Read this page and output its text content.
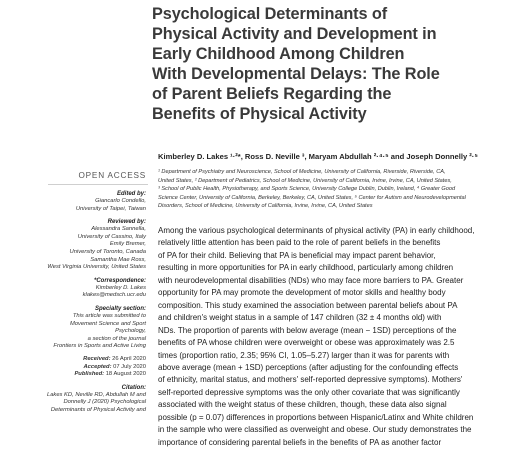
Psychological Determinants of
Physical Activity and Development in
Early Childhood Among Children
With Developmental Delays: The Role
of Parent Beliefs Regarding the
Benefits of Physical Activity
Kimberley D. Lakes ¹·²*, Ross D. Neville ³, Maryam Abdullah ²·⁴·⁵ and Joseph Donnelly ²·⁵
¹ Department of Psychiatry and Neuroscience, School of Medicine, University of California, Riverside, Riverside, CA,
United States, ² Department of Pediatrics, School of Medicine, University of California, Irvine, Irvine, CA, United States,
³ School of Public Health, Physiotherapy, and Sports Science, University College Dublin, Dublin, Ireland, ⁴ Greater Good
Science Center, University of California, Berkeley, Berkeley, CA, United States, ⁵ Center for Autism and Neurodevelopmental
Disorders, School of Medicine, University of California, Irvine, Irvine, CA, United States
OPEN ACCESS
Edited by:
Giancarlo Condello,
University of Taipei, Taiwan
Reviewed by:
Alessandra Sannella,
University of Cassino, Italy
Emily Bremer,
University of Toronto, Canada
Samantha Mae Ross,
West Virginia University, United States
*Correspondence:
Kimberley D. Lakes
klakes@medsch.ucr.edu
Specialty section:
This article was submitted to
Movement Science and Sport
Psychology,
a section of the journal
Frontiers in Sports and Active Living
Received: 26 April 2020
Accepted: 07 July 2020
Published: 18 August 2020
Citation:
Lakes KD, Neville RD, Abdullah M and
Donnelly J (2020) Psychological
Determinants of Physical Activity and
Among the various psychological determinants of physical activity (PA) in early childhood,
relatively little attention has been paid to the role of parent beliefs in the benefits
of PA for their child. Believing that PA is beneficial may impact parent behavior,
resulting in more opportunities for PA in early childhood, particularly among children
with neurodevelopmental disabilities (NDs) who may face more barriers to PA. Greater
opportunity for PA may promote the development of motor skills and healthy body
composition. This study examined the association between parental beliefs about PA
and children's weight status in a sample of 147 children (32 ± 4 months old) with
NDs. The proportion of parents with below average (mean − 1SD) perceptions of the
benefits of PA whose children were overweight or obese was approximately was 2.5
times (proportion ratio, 2.35; 95% CI, 1.05–5.27) larger than it was for parents with
above average (mean + 1SD) perceptions (after adjusting for the confounding effects
of ethnicity, marital status, and mothers' self-reported depressive symptoms). Mothers'
self-reported depressive symptoms was the only other covariate that was significantly
associated with the weight status of these children, though, these data also signal
possible (p = 0.07) differences in proportions between Hispanic/Latinx and White children
in the sample who were classified as overweight and obese. Our study demonstrates the
importance of considering parental beliefs in the benefits of PA as another factor
